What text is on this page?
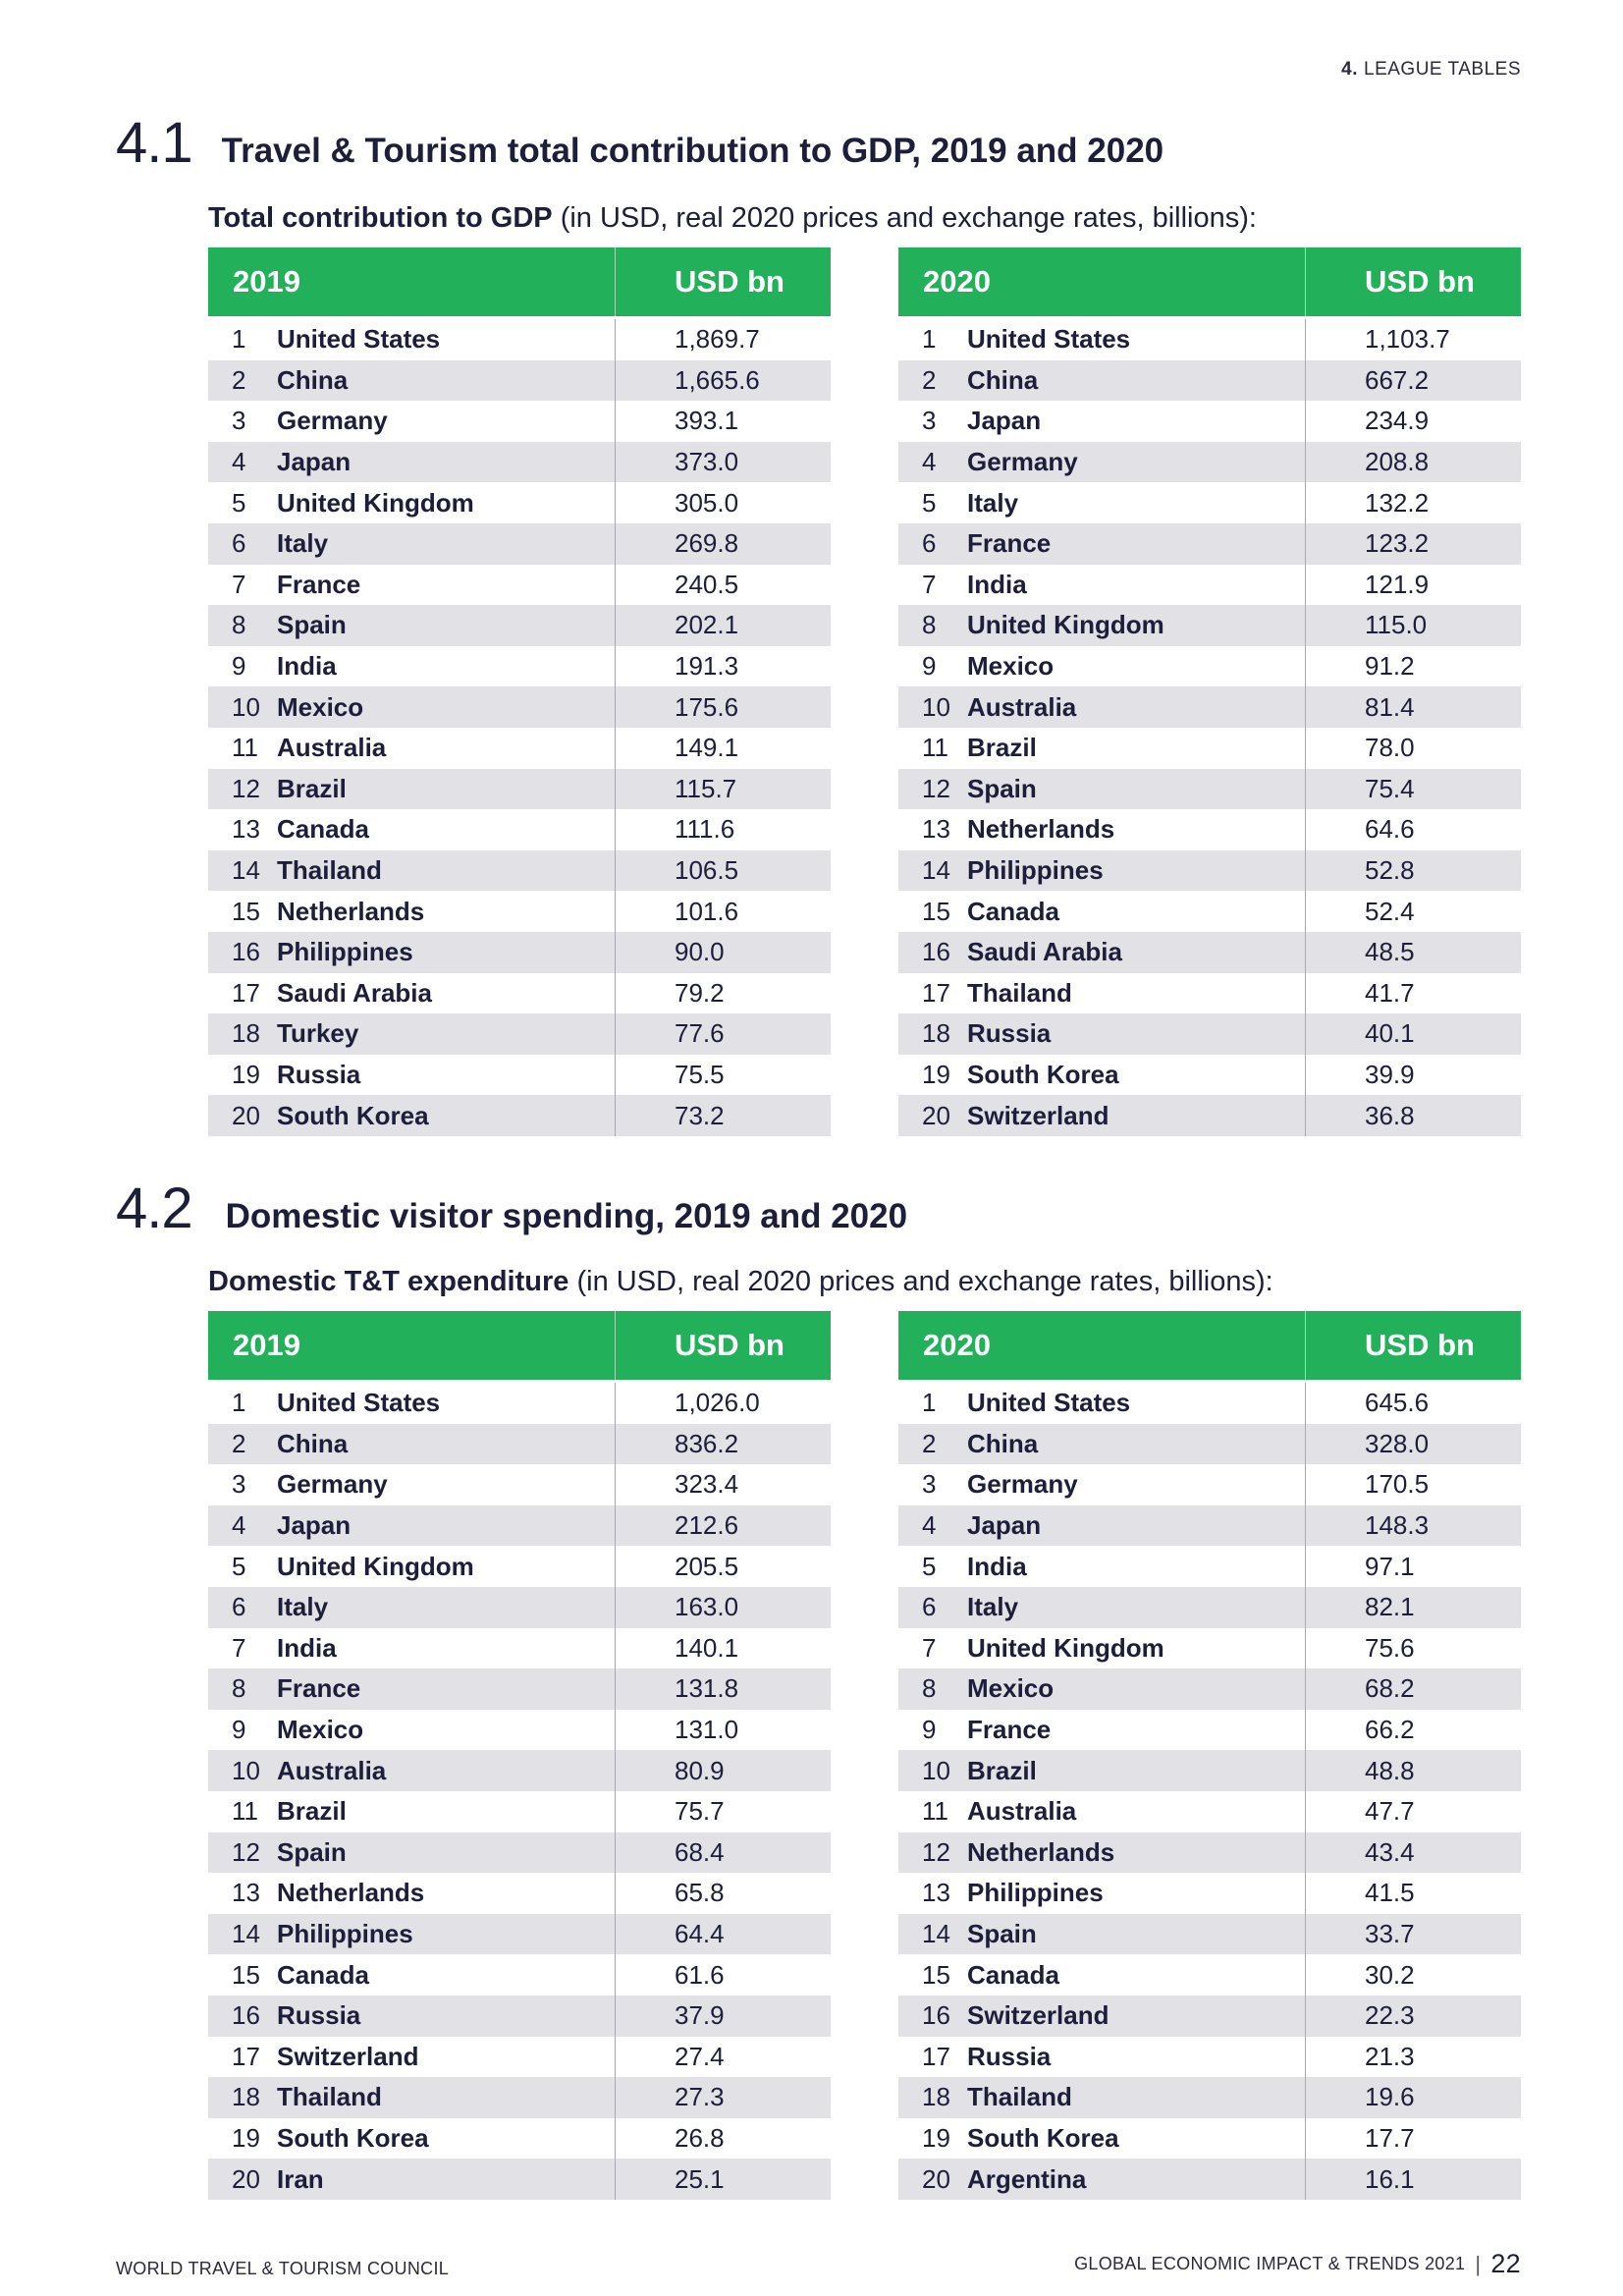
4. LEAGUE TABLES
4.1 Travel & Tourism total contribution to GDP, 2019 and 2020
Total contribution to GDP (in USD, real 2020 prices and exchange rates, billions):
2019	USD bn
1	United States	1,869.7
2	China	1,665.6
3	Germany	393.1
4	Japan	373.0
5	United Kingdom	305.0
6	Italy	269.8
7	France	240.5
8	Spain	202.1
9	India	191.3
10 Mexico	175.6
11 Australia	149.1
12 Brazil	115.7
13 Canada	111.6
14 Thailand	106.5
15 Netherlands	101.6
16 Philippines	90.0
17 Saudi Arabia	79.2
18 Turkey	77.6
19 Russia	75.5
20 South Korea	73.2
2020	USD bn
1	United States	1,103.7
2	China	667.2
3	Japan	234.9
4	Germany	208.8
5	Italy	132.2
6	France	123.2
7	India	121.9
8	United Kingdom	115.0
9	Mexico	91.2
10 Australia	81.4
11 Brazil	78.0
12 Spain	75.4
13 Netherlands	64.6
14 Philippines	52.8
15 Canada	52.4
16 Saudi Arabia	48.5
17 Thailand	41.7
18 Russia	40.1
19 South Korea	39.9
20 Switzerland	36.8
4.2 Domestic visitor spending, 2019 and 2020
Domestic T&T expenditure (in USD, real 2020 prices and exchange rates, billions):
2019	USD bn
1	United States	1,026.0
2	China	836.2
3	Germany	323.4
4	Japan	212.6
5	United Kingdom	205.5
6	Italy	163.0
7	India	140.1
8	France	131.8
9	Mexico	131.0
10 Australia	80.9
11 Brazil	75.7
12 Spain	68.4
13 Netherlands	65.8
14 Philippines	64.4
15 Canada	61.6
16 Russia	37.9
17 Switzerland	27.4
18 Thailand	27.3
19 South Korea	26.8
20 Iran	25.1
2020	USD bn
1	United States	645.6
2	China	328.0
3	Germany	170.5
4	Japan	148.3
5	India	97.1
6	Italy	82.1
7	United Kingdom	75.6
8	Mexico	68.2
9	France	66.2
10 Brazil	48.8
11 Australia	47.7
12 Netherlands	43.4
13 Philippines	41.5
14 Spain	33.7
15 Canada	30.2
16 Switzerland	22.3
17 Russia	21.3
18 Thailand	19.6
19 South Korea	17.7
20 Argentina	16.1
WORLD TRAVEL & TOURISM COUNCIL	GLOBAL ECONOMIC IMPACT & TRENDS 2021 | 22
